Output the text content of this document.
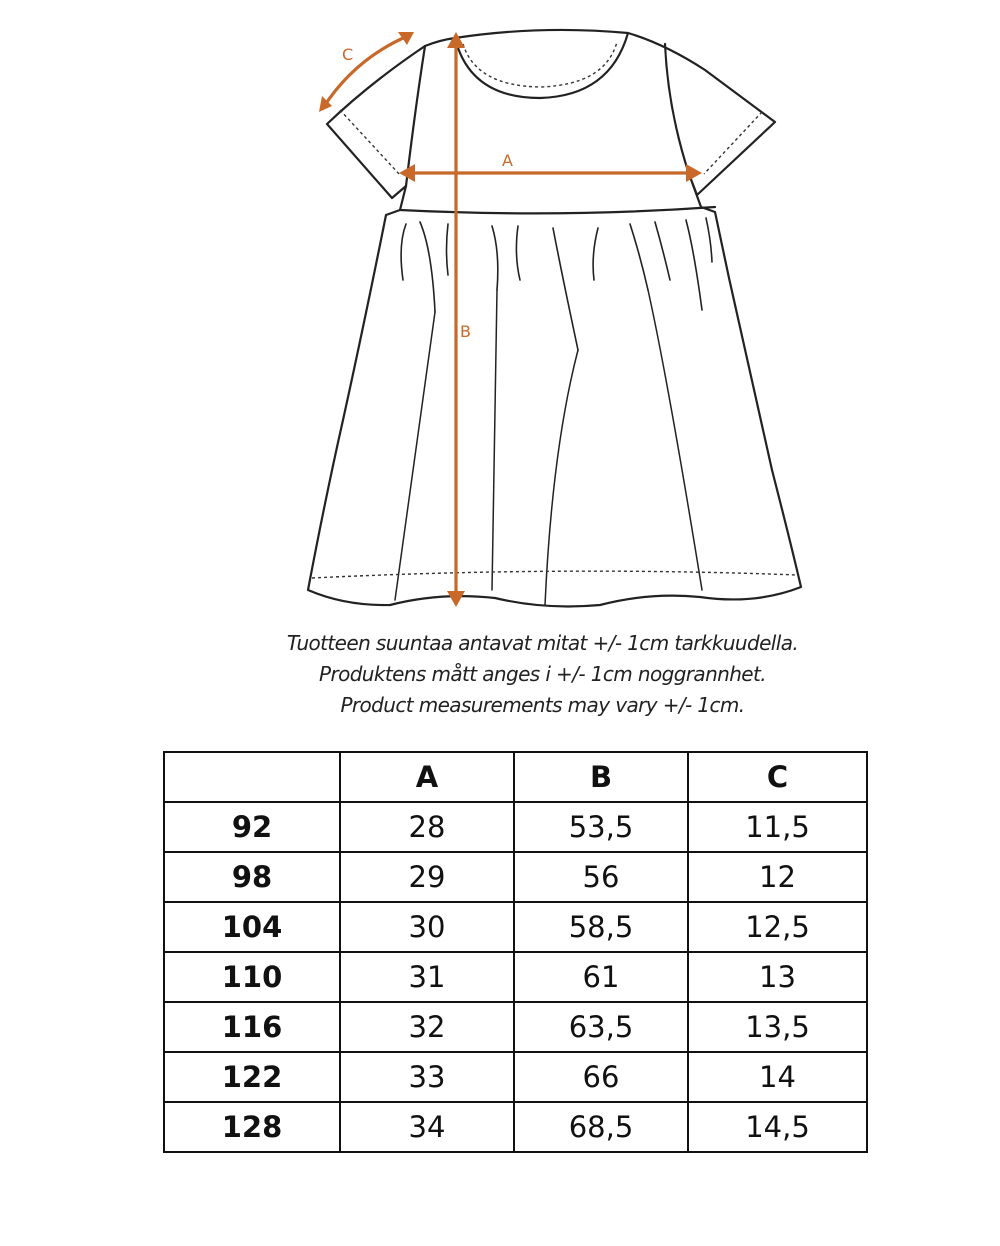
A
B
C
Tuotteen suuntaa antavat mitat +/- 1cm tarkkuudella.
Produktens mått anges i +/- 1cm noggrannhet.
Product measurements may vary +/- 1cm.
	A	B	C
92	28	53,5	11,5
98	29	56	12
104	30	58,5	12,5
110	31	61	13
116	32	63,5	13,5
122	33	66	14
128	34	68,5	14,5
